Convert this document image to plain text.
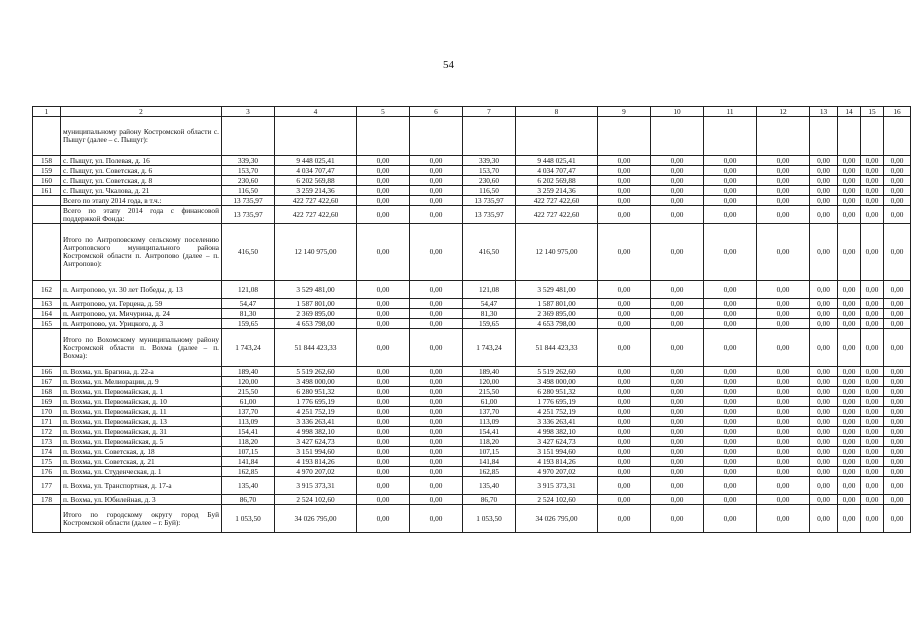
54
1	2	3	4	5	6	7	8	9	10	11	12	13	14	15	16
	муниципальному району Костромской области с. Пыщуг (далее – с. Пыщуг):														
158	с. Пыщуг, ул. Полевая, д. 16	339,30	9 448 025,41	0,00	0,00	339,30	9 448 025,41	0,00	0,00	0,00	0,00	0,00	0,00	0,00	0,00
159	с. Пыщуг, ул. Советская, д. 6	153,70	4 034 707,47	0,00	0,00	153,70	4 034 707,47	0,00	0,00	0,00	0,00	0,00	0,00	0,00	0,00
160	с. Пыщуг, ул. Советская, д. 8	230,60	6 202 569,88	0,00	0,00	230,60	6 202 569,88	0,00	0,00	0,00	0,00	0,00	0,00	0,00	0,00
161	с. Пыщуг, ул. Чкалова, д. 21	116,50	3 259 214,36	0,00	0,00	116,50	3 259 214,36	0,00	0,00	0,00	0,00	0,00	0,00	0,00	0,00
	Всего по этапу 2014 года, в т.ч.:	13 735,97	422 727 422,60	0,00	0,00	13 735,97	422 727 422,60	0,00	0,00	0,00	0,00	0,00	0,00	0,00	0,00
	Всего по этапу 2014 года с финансовой поддержкой Фонда:	13 735,97	422 727 422,60	0,00	0,00	13 735,97	422 727 422,60	0,00	0,00	0,00	0,00	0,00	0,00	0,00	0,00
	Итого по Антроповскому сельскому поселению Антроповского муниципального района Костромской области п. Антропово (далее – п. Антропово):	416,50	12 140 975,00	0,00	0,00	416,50	12 140 975,00	0,00	0,00	0,00	0,00	0,00	0,00	0,00	0,00
162	п. Антропово, ул. 30 лет Победы, д. 13	121,08	3 529 481,00	0,00	0,00	121,08	3 529 481,00	0,00	0,00	0,00	0,00	0,00	0,00	0,00	0,00
163	п. Антропово, ул. Герцена, д. 59	54,47	1 587 801,00	0,00	0,00	54,47	1 587 801,00	0,00	0,00	0,00	0,00	0,00	0,00	0,00	0,00
164	п. Антропово, ул. Мичурина, д. 24	81,30	2 369 895,00	0,00	0,00	81,30	2 369 895,00	0,00	0,00	0,00	0,00	0,00	0,00	0,00	0,00
165	п. Антропово, ул. Урицкого, д. 3	159,65	4 653 798,00	0,00	0,00	159,65	4 653 798,00	0,00	0,00	0,00	0,00	0,00	0,00	0,00	0,00
	Итого по Вохомскому муниципальному району Костромской области п. Вохма (далее – п. Вохма):	1 743,24	51 844 423,33	0,00	0,00	1 743,24	51 844 423,33	0,00	0,00	0,00	0,00	0,00	0,00	0,00	0,00
166	п. Вохма, ул. Брагина, д. 22-а	189,40	5 519 262,60	0,00	0,00	189,40	5 519 262,60	0,00	0,00	0,00	0,00	0,00	0,00	0,00	0,00
167	п. Вохма, ул. Мелиорации, д. 9	120,00	3 498 000,00	0,00	0,00	120,00	3 498 000,00	0,00	0,00	0,00	0,00	0,00	0,00	0,00	0,00
168	п. Вохма, ул. Первомайская, д. 1	215,50	6 280 951,32	0,00	0,00	215,50	6 280 951,32	0,00	0,00	0,00	0,00	0,00	0,00	0,00	0,00
169	п. Вохма, ул. Первомайская, д. 10	61,00	1 776 695,19	0,00	0,00	61,00	1 776 695,19	0,00	0,00	0,00	0,00	0,00	0,00	0,00	0,00
170	п. Вохма, ул. Первомайская, д. 11	137,70	4 251 752,19	0,00	0,00	137,70	4 251 752,19	0,00	0,00	0,00	0,00	0,00	0,00	0,00	0,00
171	п. Вохма, ул. Первомайская, д. 13	113,09	3 336 263,41	0,00	0,00	113,09	3 336 263,41	0,00	0,00	0,00	0,00	0,00	0,00	0,00	0,00
172	п. Вохма, ул. Первомайская, д. 31	154,41	4 998 382,10	0,00	0,00	154,41	4 998 382,10	0,00	0,00	0,00	0,00	0,00	0,00	0,00	0,00
173	п. Вохма, ул. Первомайская, д. 5	118,20	3 427 624,73	0,00	0,00	118,20	3 427 624,73	0,00	0,00	0,00	0,00	0,00	0,00	0,00	0,00
174	п. Вохма, ул. Советская, д. 18	107,15	3 151 994,60	0,00	0,00	107,15	3 151 994,60	0,00	0,00	0,00	0,00	0,00	0,00	0,00	0,00
175	п. Вохма, ул. Советская, д. 21	141,84	4 193 814,26	0,00	0,00	141,84	4 193 814,26	0,00	0,00	0,00	0,00	0,00	0,00	0,00	0,00
176	п. Вохма, ул. Студенческая, д. 1	162,85	4 970 207,02	0,00	0,00	162,85	4 970 207,02	0,00	0,00	0,00	0,00	0,00	0,00	0,00	0,00
177	п. Вохма, ул. Транспортная, д. 17-а	135,40	3 915 373,31	0,00	0,00	135,40	3 915 373,31	0,00	0,00	0,00	0,00	0,00	0,00	0,00	0,00
178	п. Вохма, ул. Юбилейная, д. 3	86,70	2 524 102,60	0,00	0,00	86,70	2 524 102,60	0,00	0,00	0,00	0,00	0,00	0,00	0,00	0,00
	Итого по городскому округу город Буй Костромской области (далее – г. Буй):	1 053,50	34 026 795,00	0,00	0,00	1 053,50	34 026 795,00	0,00	0,00	0,00	0,00	0,00	0,00	0,00	0,00
